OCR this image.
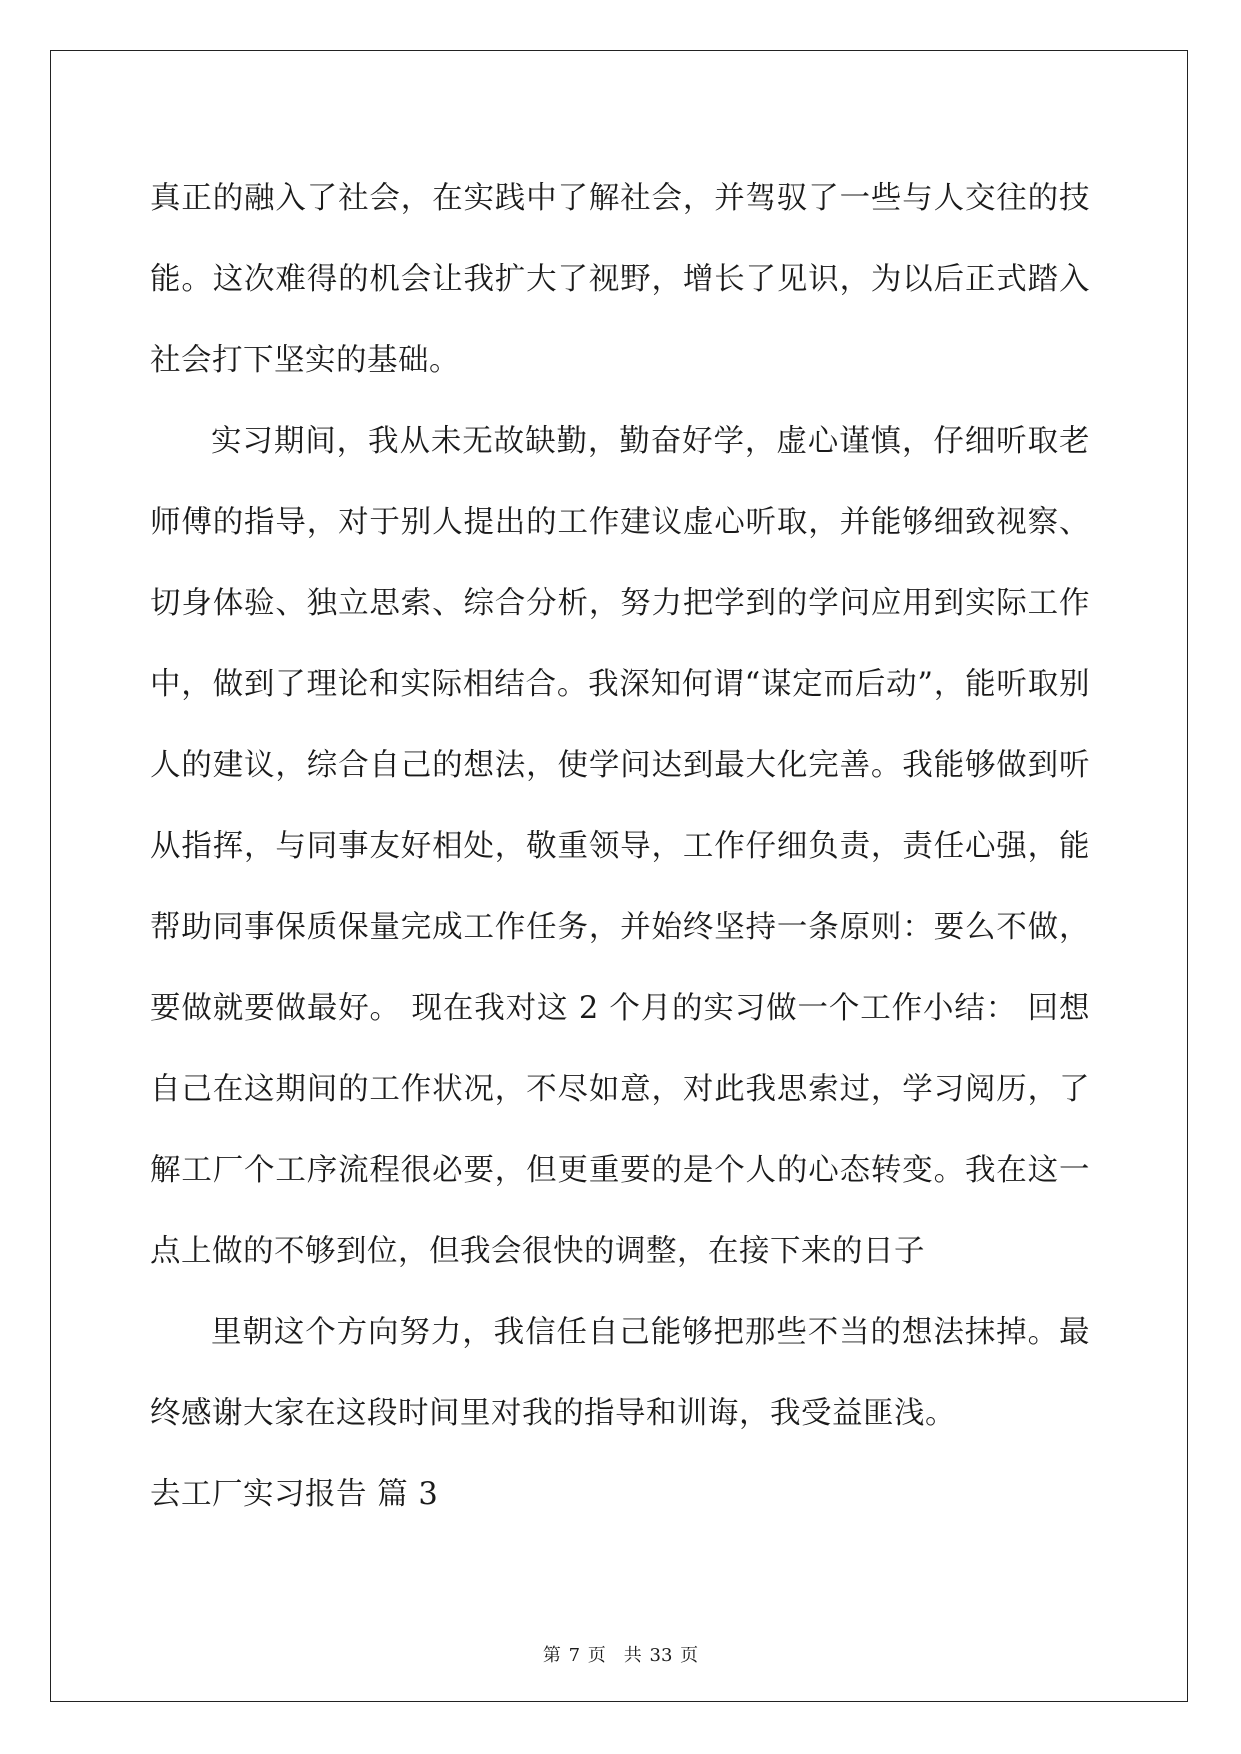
真正的融入了社会，在实践中了解社会，并驾驭了一些与人交往的技能。这次难得的机会让我扩大了视野，增长了见识，为以后正式踏入社会打下坚实的基础。

实习期间，我从未无故缺勤，勤奋好学，虚心谨慎，仔细听取老师傅的指导，对于别人提出的工作建议虚心听取，并能够细致视察、切身体验、独立思索、综合分析，努力把学到的学问应用到实际工作中，做到了理论和实际相结合。我深知何谓“谋定而后动”，能听取别人的建议，综合自己的想法，使学问达到最大化完善。我能够做到听从指挥，与同事友好相处，敬重领导，工作仔细负责，责任心强，能帮助同事保质保量完成工作任务，并始终坚持一条原则：要么不做，要做就要做最好。 现在我对这 2 个月的实习做一个工作小结： 回想自己在这期间的工作状况，不尽如意，对此我思索过，学习阅历，了解工厂个工序流程很必要，但更重要的是个人的心态转变。我在这一点上做的不够到位，但我会很快的调整，在接下来的日子

里朝这个方向努力，我信任自己能够把那些不当的想法抹掉。最终感谢大家在这段时间里对我的指导和训诲，我受益匪浅。

去工厂实习报告 篇 3

第 7 页　共 33 页
